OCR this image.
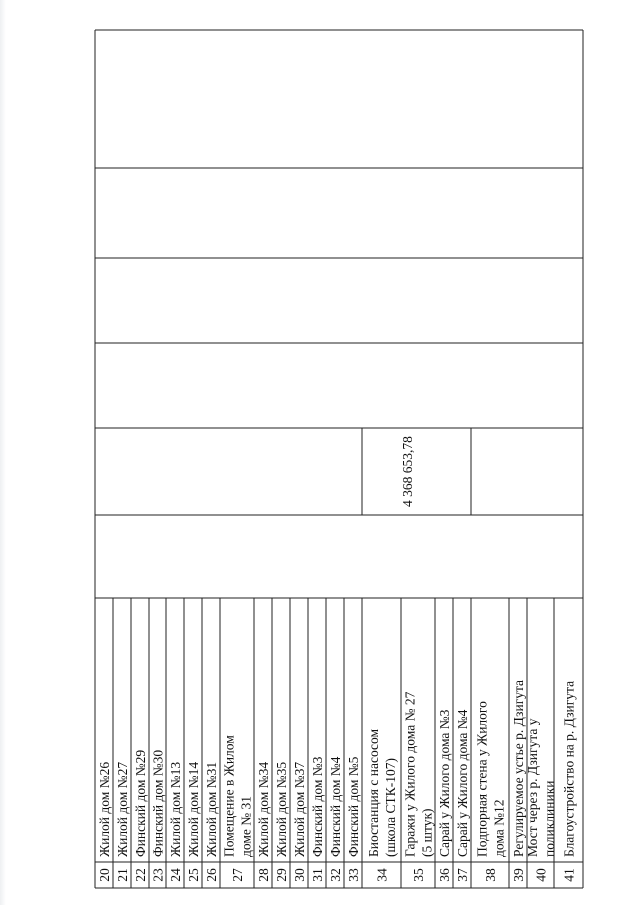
20
Жилой дом №26
21
Жилой дом №27
22
Финский дом №29
23
Финский дом №30
24
Жилой дом №13
25
Жилой дом №14
26
Жилой дом №31
27
Помещение в Жилом доме № 31
28
Жилой дом №34
29
Жилой дом №35
30
Жилой дом №37
31
Финский дом №3
32
Финский дом №4
33
Финский дом №5
34
Биостанция с насосом (школа СТК-107)
35
Гаражи у Жилого дома № 27 (5 штук)
36
Сарай у Жилого дома №3
37
Сарай у Жилого дома №4
38
Подпорная стена у Жилого дома №12
39
Регулируемое устье р. Дзигута
40
Мост через р. Дзигута у поликлиники
41
Благоустройство на р. Дзигута
4 368 653,78
